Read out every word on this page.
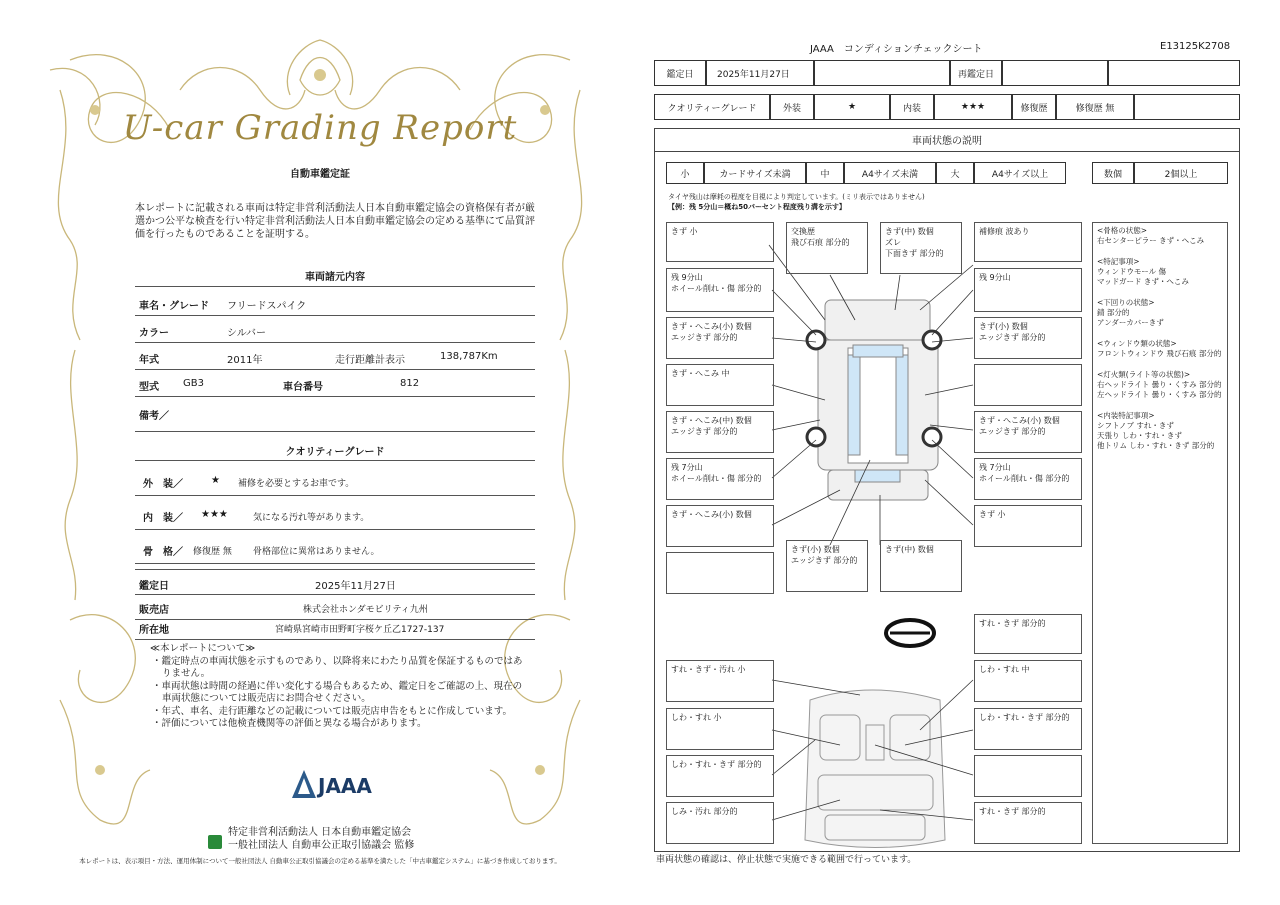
U-car Grading Report
自動車鑑定証
本レポートに記載される車両は特定非営利活動法人日本自動車鑑定協会の資格保有者が厳選かつ公平な検査を行い特定非営利活動法人日本自動車鑑定協会の定める基準にて品質評価を行ったものであることを証明する。
車両諸元内容
車名・グレード フリードスパイク
カラー	シルバー
年式	2011年	走行距離計表示	138,787Km
型式 GB3	車台番号	812
備考／
クオリティーグレード
外　装／	★ 補修を必要とするお車です。
内　装／ ★★★	気になる汚れ等があります。
骨　格／ 修復歴 無 骨格部位に異常はありません。
鑑定日	2025年11月27日
販売店	株式会社ホンダモビリティ九州
所在地	宮崎県宮崎市田野町字桜ケ丘乙1727-137
≪本レポートについて≫
・鑑定時点の車両状態を示すものであり、以降将来にわたり品質を保証するものではありません。
・車両状態は時間の経過に伴い変化する場合もあるため、鑑定日をご確認の上、現在の車両状態については販売店にお問合せください。
・年式、車名、走行距離などの記載については販売店申告をもとに作成しています。
・評価については他検査機関等の評価と異なる場合があります。
JAAA
特定非営利活動法人 日本自動車鑑定協会
一般社団法人 自動車公正取引協議会 監修
本レポートは、表示項目・方法、運用体制について一般社団法人 自動車公正取引協議会の定める基準を満たした「中古車鑑定システム」に基づき作成しております。
JAAA　コンディションチェックシート	E13125K2708
鑑定日	2025年11月27日	再鑑定日
クオリティーグレード	外装	★	内装	★★★	修復歴	修復歴 無
車両状態の説明
小	カードサイズ未満	中	A4サイズ未満	大	A4サイズ以上	数個	2個以上
タイヤ残山は摩耗の程度を目視により判定しています。(ミリ表示ではありません)
【例：残 5分山＝概ね50パーセント程度残り溝を示す】
きず 小
残 9分山
ホイール削れ・傷 部分的
きず・へこみ(小) 数個
エッジきず 部分的
きず・へこみ 中
きず・へこみ(中) 数個
エッジきず 部分的
残 7分山
ホイール削れ・傷 部分的
きず・へこみ(小) 数個
交換歴
飛び石痕 部分的
きず(中) 数個
ズレ
下面きず 部分的
補修痕 波あり
残 9分山
きず(小) 数個
エッジきず 部分的
きず・へこみ(小) 数個
エッジきず 部分的
残 7分山
ホイール削れ・傷 部分的
きず 小
きず(小) 数個
エッジきず 部分的
きず(中) 数個
すれ・きず 部分的
すれ・きず・汚れ 小	しわ・すれ 中
しわ・すれ 小	しわ・すれ・きず 部分的
しわ・すれ・きず 部分的
しみ・汚れ 部分的	すれ・きず 部分的
<骨格の状態>
右センターピラー きず・へこみ
<特記事項>
ウィンドウモール 傷
マッドガード きず・へこみ
<下回りの状態>
錆 部分的
アンダーカバーきず
<ウィンドウ類の状態>
フロントウィンドウ 飛び石痕 部分的
<灯火類(ライト等の状態)>
右ヘッドライト 曇り・くすみ 部分的
左ヘッドライト 曇り・くすみ 部分的
<内装特記事項>
シフトノブ すれ・きず
天張り しわ・すれ・きず
他トリム しわ・すれ・きず 部分的
車両状態の確認は、停止状態で実施できる範囲で行っています。
